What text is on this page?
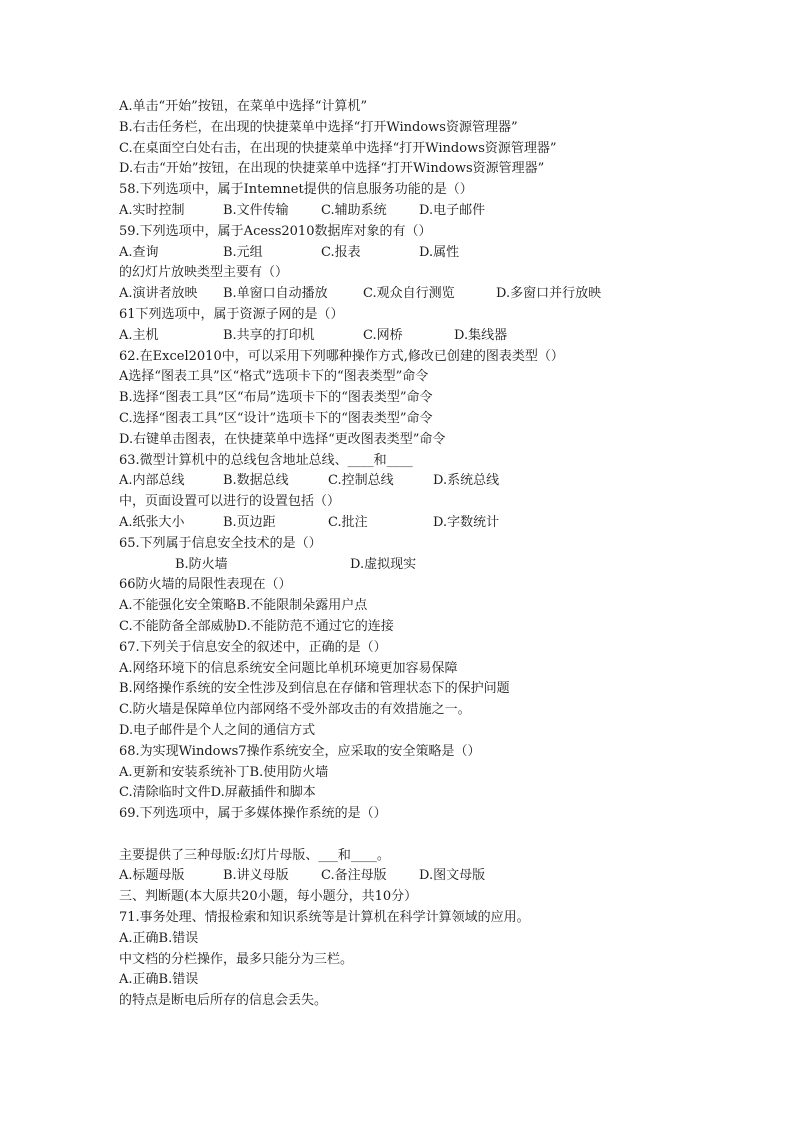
A.单击“开始”按钮，在菜单中选择“计算机”
B.右击任务栏，在出现的快捷菜单中选择“打开Windows资源管理器”
C.在桌面空白处右击，在出现的快捷菜单中选择“打开Windows资源管理器”
D.右击“开始”按钮，在出现的快捷菜单中选择“打开Windows资源管理器”
58.下列选项中，属于Intemnet提供的信息服务功能的是（）
A.实时控制	B.文件传输	C.辅助系统	D.电子邮件
59.下列选项中，属于Acess2010数据库对象的有（）
A.查询	B.元组	C.报表	D.属性
的幻灯片放映类型主要有（）
A.演讲者放映	B.单窗口自动播放	C.观众自行测览	D.多窗口并行放映
61下列选项中，属于资源子网的是（）
A.主机	B.共享的打印机	C.网桥	D.集线器
62.在Excel2010中，可以采用下列哪种操作方式,修改已创建的图表类型（）
A选择“图表工具”区“格式”选项卡下的“图表类型”命令
B.选择“图表工具”区“布局”选项卡下的“图表类型”命令
C.选择“图表工具”区“设计”选项卡下的“图表类型”命令
D.右键单击图表，在快捷菜单中选择“更改图表类型”命令
63.微型计算机中的总线包含地址总线、____和____
A.内部总线	B.数据总线	C.控制总线	D.系统总线
中，页面设置可以进行的设置包括（）
A.纸张大小	B.页边距	C.批注	D.字数统计
65.下列属于信息安全技术的是（）
B.防火墙	D.虚拟现实
66防火墙的局限性表现在（）
A.不能强化安全策略B.不能限制朵露用户点
C.不能防备全部威胁D.不能防范不通过它的连接
67.下列关于信息安全的叙述中，正确的是（）
A.网络环境下的信息系统安全问题比单机环境更加容易保障
B.网络操作系统的安全性涉及到信息在存储和管理状态下的保护问题
C.防火墙是保障单位内部网络不受外部攻击的有效措施之一。
D.电子邮件是个人之间的通信方式
68.为实现Windows7操作系统安全，应采取的安全策略是（）
A.更新和安装系统补丁B.使用防火墙
C.清除临时文件D.屏蔽插件和脚本
69.下列选项中，属于多媒体操作系统的是（）
主要提供了三种母版:幻灯片母版、___和____。
A.标题母版	B.讲义母版	C.备注母版	D.图文母版
三、判断题(本大原共20小题，每小题分，共10分）
71.事务处理、情报检索和知识系统等是计算机在科学计算领域的应用。
A.正确B.错误
中文档的分栏操作，最多只能分为三栏。
A.正确B.错误
的特点是断电后所存的信息会丢失。
